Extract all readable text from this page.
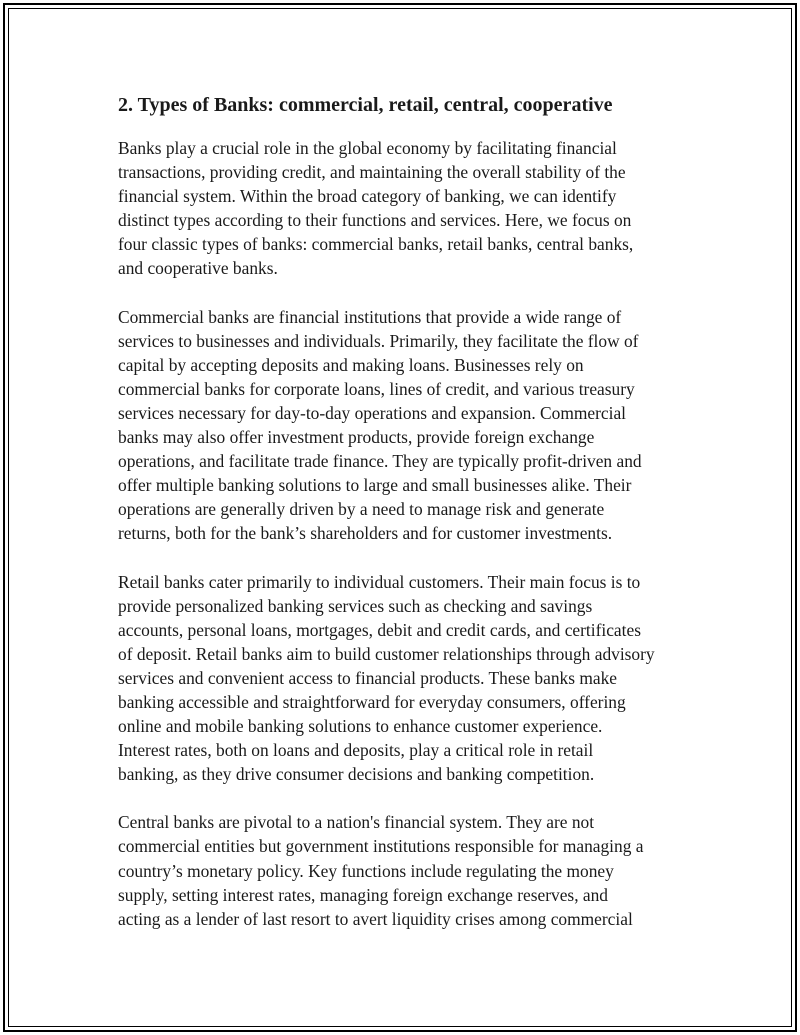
2. Types of Banks: commercial, retail, central, cooperative

Banks play a crucial role in the global economy by facilitating financial
transactions, providing credit, and maintaining the overall stability of the
financial system. Within the broad category of banking, we can identify
distinct types according to their functions and services. Here, we focus on
four classic types of banks: commercial banks, retail banks, central banks,
and cooperative banks.

Commercial banks are financial institutions that provide a wide range of
services to businesses and individuals. Primarily, they facilitate the flow of
capital by accepting deposits and making loans. Businesses rely on
commercial banks for corporate loans, lines of credit, and various treasury
services necessary for day-to-day operations and expansion. Commercial
banks may also offer investment products, provide foreign exchange
operations, and facilitate trade finance. They are typically profit-driven and
offer multiple banking solutions to large and small businesses alike. Their
operations are generally driven by a need to manage risk and generate
returns, both for the bank’s shareholders and for customer investments.

Retail banks cater primarily to individual customers. Their main focus is to
provide personalized banking services such as checking and savings
accounts, personal loans, mortgages, debit and credit cards, and certificates
of deposit. Retail banks aim to build customer relationships through advisory
services and convenient access to financial products. These banks make
banking accessible and straightforward for everyday consumers, offering
online and mobile banking solutions to enhance customer experience.
Interest rates, both on loans and deposits, play a critical role in retail
banking, as they drive consumer decisions and banking competition.

Central banks are pivotal to a nation's financial system. They are not
commercial entities but government institutions responsible for managing a
country’s monetary policy. Key functions include regulating the money
supply, setting interest rates, managing foreign exchange reserves, and
acting as a lender of last resort to avert liquidity crises among commercial
